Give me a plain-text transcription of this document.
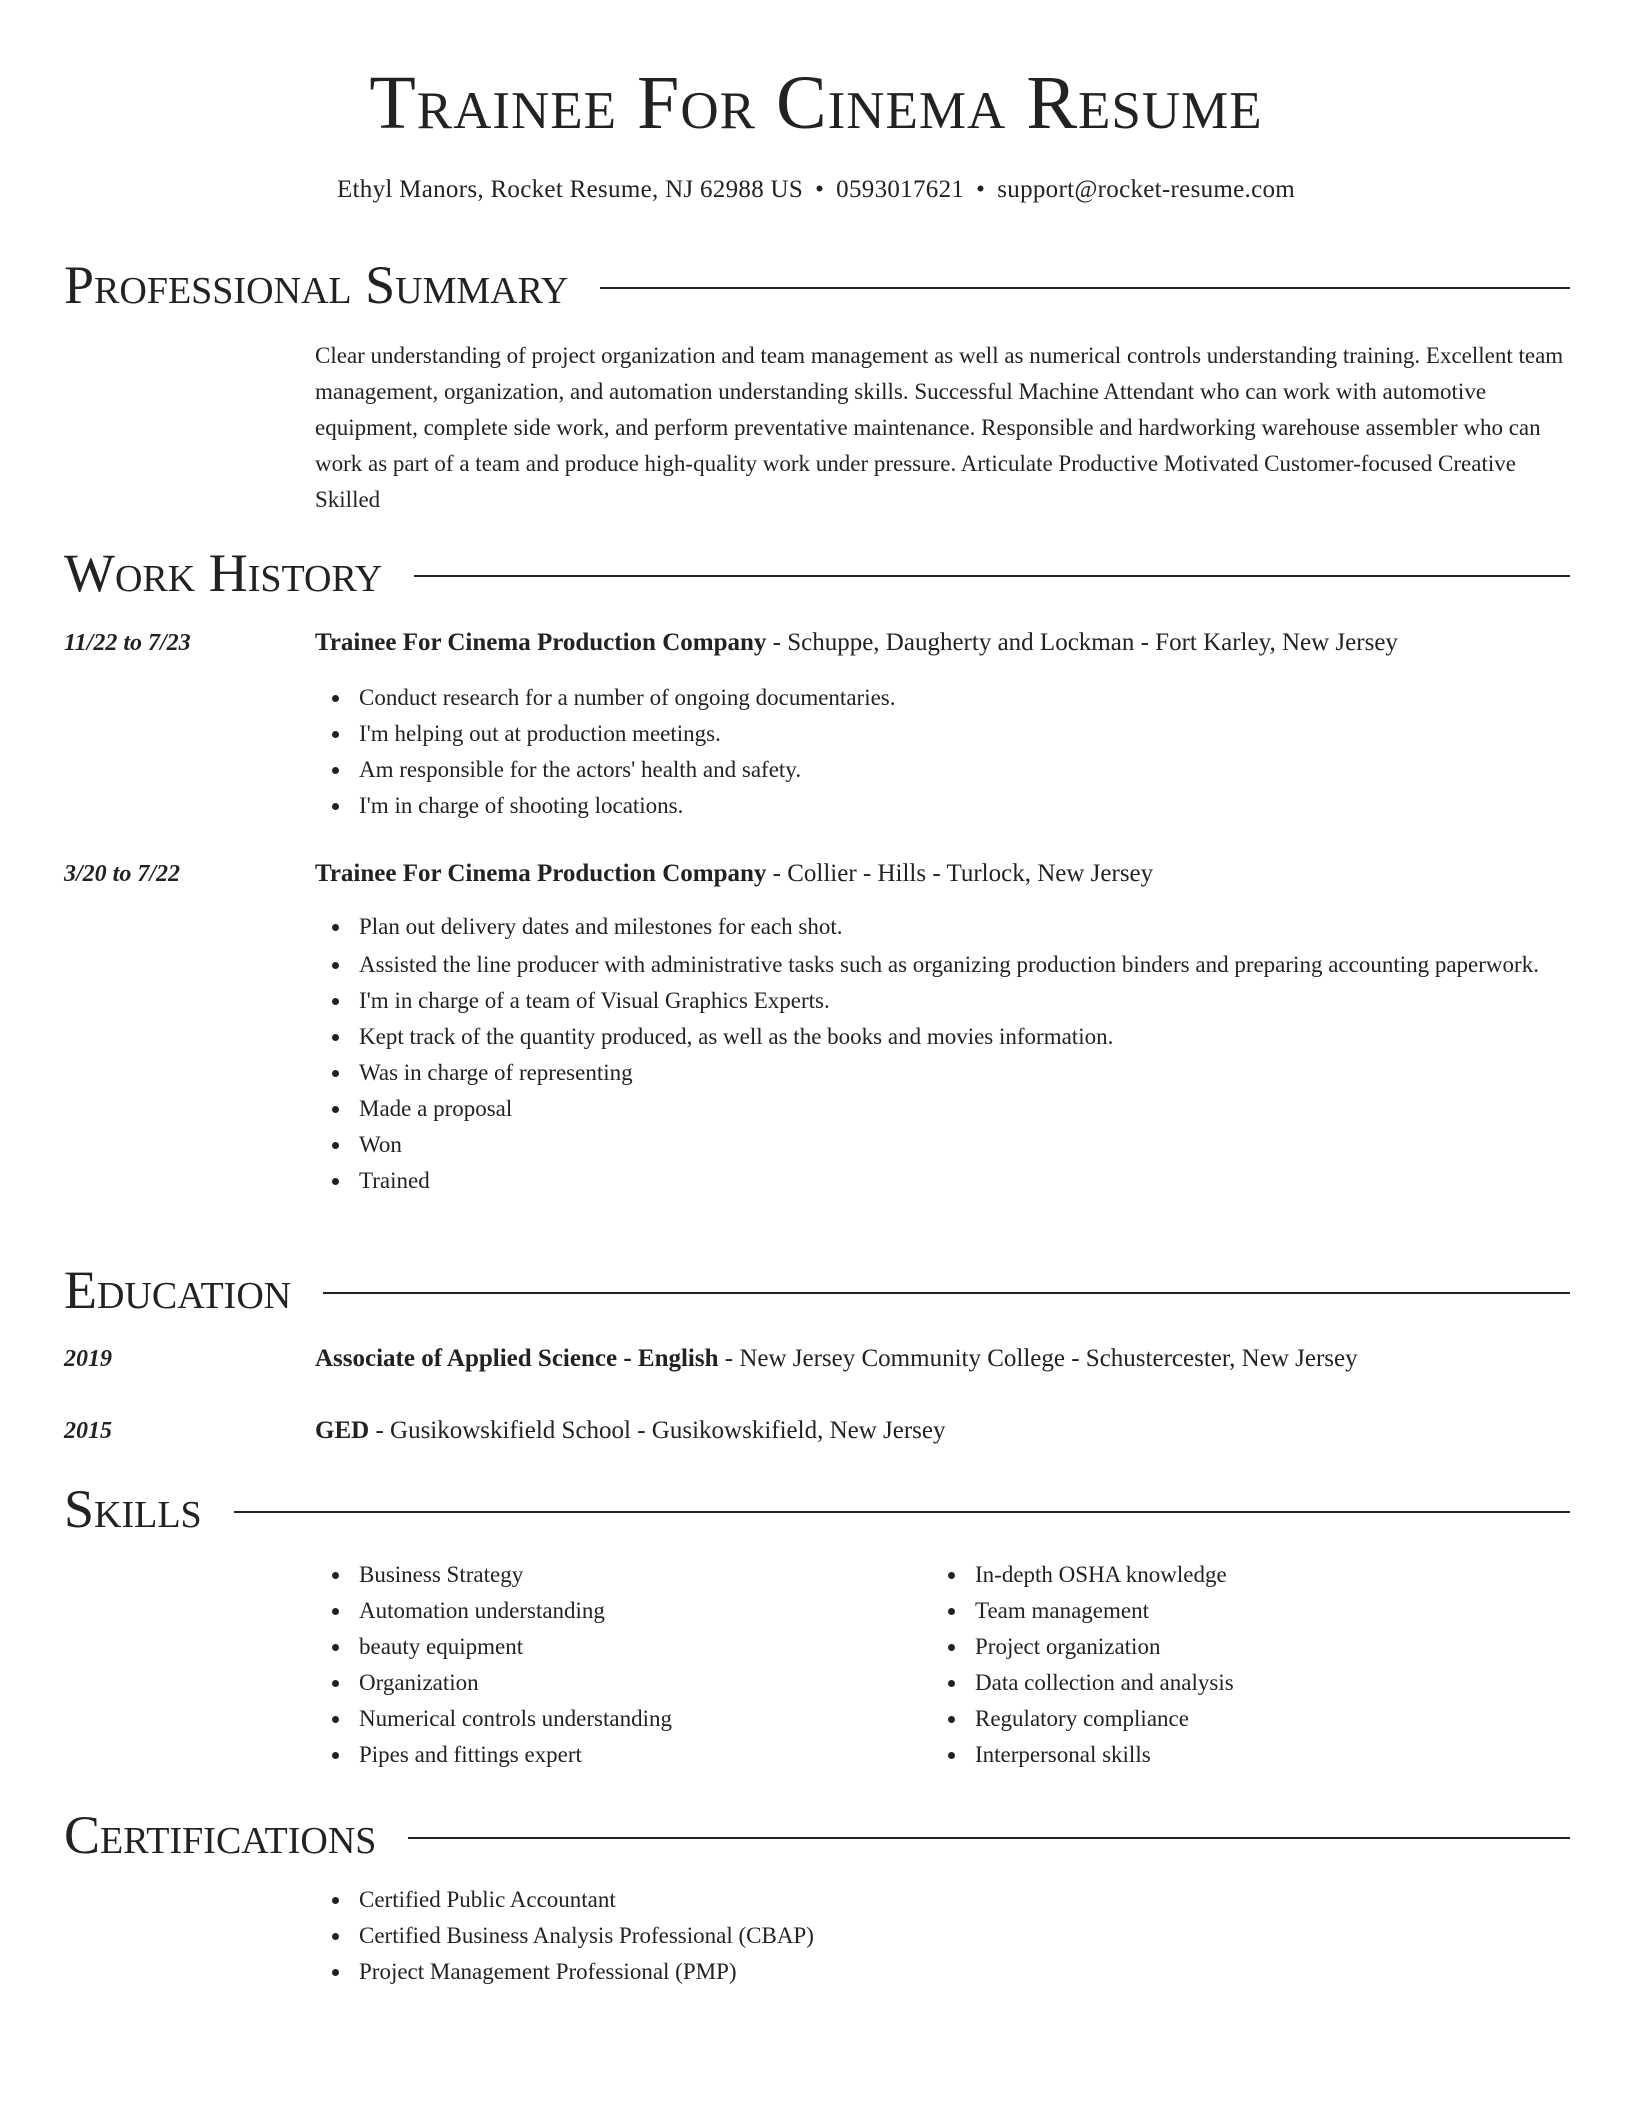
Trainee For Cinema Resume
Ethyl Manors, Rocket Resume, NJ 62988 US • 0593017621 • support@rocket-resume.com
Professional Summary

Clear understanding of project organization and team management as well as numerical controls understanding training. Excellent team management, organization, and automation understanding skills. Successful Machine Attendant who can work with automotive equipment, complete side work, and perform preventative maintenance. Responsible and hardworking warehouse assembler who can work as part of a team and produce high-quality work under pressure. Articulate Productive Motivated Customer-focused Creative Skilled

Work History
11/22 to 7/23	Trainee For Cinema Production Company - Schuppe, Daugherty and Lockman - Fort Karley, New Jersey
Conduct research for a number of ongoing documentaries.
I'm helping out at production meetings.
Am responsible for the actors' health and safety.
I'm in charge of shooting locations.
3/20 to 7/22	Trainee For Cinema Production Company - Collier - Hills - Turlock, New Jersey
Plan out delivery dates and milestones for each shot.
Assisted the line producer with administrative tasks such as organizing production binders and preparing accounting paperwork.
I'm in charge of a team of Visual Graphics Experts.
Kept track of the quantity produced, as well as the books and movies information.
Was in charge of representing
Made a proposal
Won
Trained
Education
2019	Associate of Applied Science - English - New Jersey Community College - Schustercester, New Jersey
2015	GED - Gusikowskifield School - Gusikowskifield, New Jersey
Skills
Business Strategy
Automation understanding
beauty equipment
Organization
Numerical controls understanding
Pipes and fittings expert
In-depth OSHA knowledge
Team management
Project organization
Data collection and analysis
Regulatory compliance
Interpersonal skills
Certifications
Certified Public Accountant
Certified Business Analysis Professional (CBAP)
Project Management Professional (PMP)
